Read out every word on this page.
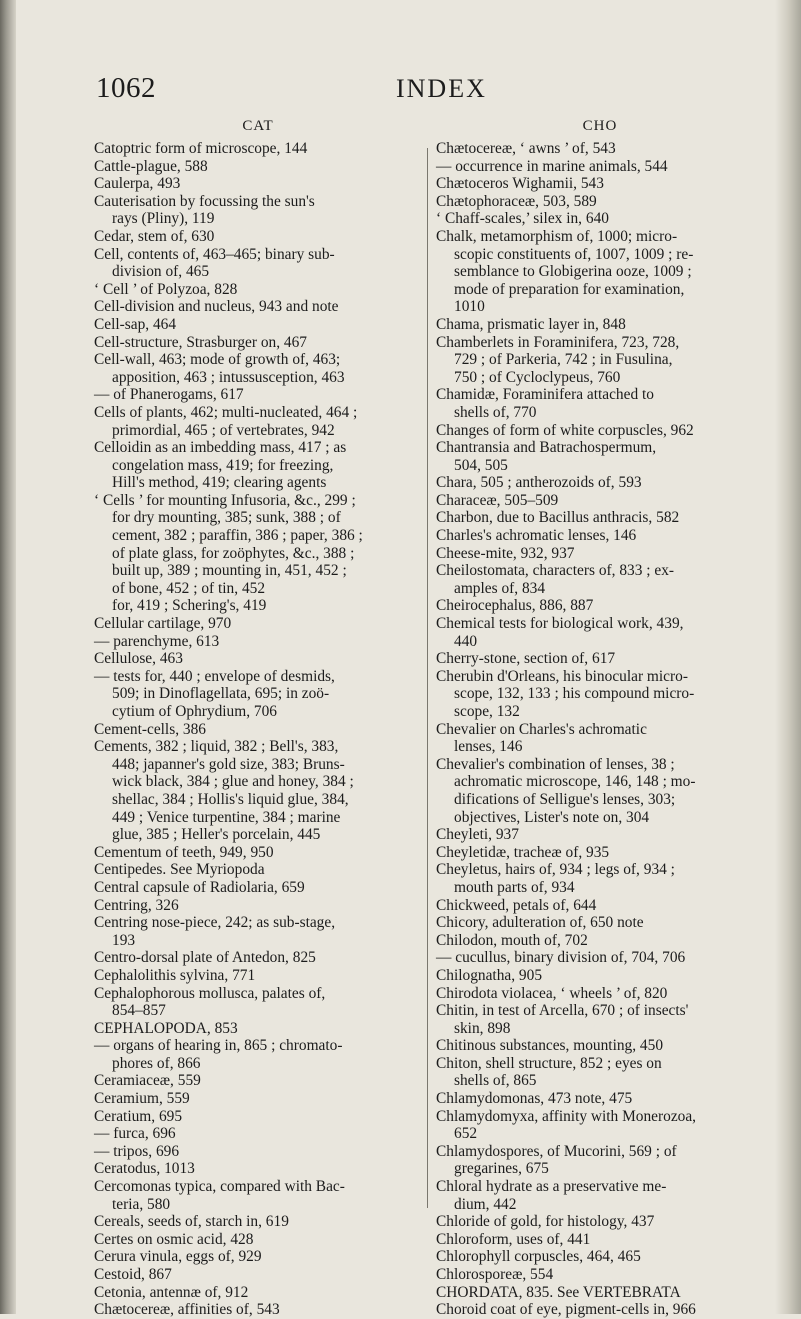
1062	INDEX
CAT

Catoptric form of microscope, 144

Cattle-plague, 588

Caulerpa, 493

Cauterisation by focussing the sun's
rays (Pliny), 119

Cedar, stem of, 630

Cell, contents of, 463–465; binary sub-
division of, 465

‘ Cell ’ of Polyzoa, 828

Cell-division and nucleus, 943 and note

Cell-sap, 464

Cell-structure, Strasburger on, 467

Cell-wall, 463; mode of growth of, 463;
apposition, 463 ; intussusception, 463

— of Phanerogams, 617

Cells of plants, 462; multi-nucleated, 464 ;
primordial, 465 ; of vertebrates, 942

Celloidin as an imbedding mass, 417 ; as
congelation mass, 419; for freezing,
Hill's method, 419; clearing agents

‘ Cells ’ for mounting Infusoria, &c., 299 ;
for dry mounting, 385; sunk, 388 ; of
cement, 382 ; paraffin, 386 ; paper, 386 ;
of plate glass, for zoöphytes, &c., 388 ;
built up, 389 ; mounting in, 451, 452 ;
of bone, 452 ; of tin, 452
for, 419 ; Schering's, 419

Cellular cartilage, 970

— parenchyme, 613

Cellulose, 463

— tests for, 440 ; envelope of desmids,
509; in Dinoflagellata, 695; in zoö-
cytium of Ophrydium, 706

Cement-cells, 386

Cements, 382 ; liquid, 382 ; Bell's, 383,
448; japanner's gold size, 383; Bruns-
wick black, 384 ; glue and honey, 384 ;
shellac, 384 ; Hollis's liquid glue, 384,
449 ; Venice turpentine, 384 ; marine
glue, 385 ; Heller's porcelain, 445

Cementum of teeth, 949, 950

Centipedes. See Myriopoda

Central capsule of Radiolaria, 659

Centring, 326

Centring nose-piece, 242; as sub-stage,
193

Centro-dorsal plate of Antedon, 825

Cephalolithis sylvina, 771

Cephalophorous mollusca, palates of,
854–857

CEPHALOPODA, 853

— organs of hearing in, 865 ; chromato-
phores of, 866

Ceramiaceæ, 559

Ceramium, 559

Ceratium, 695

— furca, 696

— tripos, 696

Ceratodus, 1013

Cercomonas typica, compared with Bac-
teria, 580

Cereals, seeds of, starch in, 619

Certes on osmic acid, 428

Cerura vinula, eggs of, 929

Cestoid, 867

Cetonia, antennæ of, 912

Chætocereæ, affinities of, 543

CHO

Chætocereæ, ‘ awns ’ of, 543

— occurrence in marine animals, 544

Chætoceros Wighamii, 543

Chætophoraceæ, 503, 589

‘ Chaff-scales,’ silex in, 640

Chalk, metamorphism of, 1000; micro-
scopic constituents of, 1007, 1009 ; re-
semblance to Globigerina ooze, 1009 ;
mode of preparation for examination,
1010

Chama, prismatic layer in, 848

Chamberlets in Foraminifera, 723, 728,
729 ; of Parkeria, 742 ; in Fusulina,
750 ; of Cycloclypeus, 760

Chamidæ, Foraminifera attached to
shells of, 770

Changes of form of white corpuscles, 962

Chantransia and Batrachospermum,
504, 505

Chara, 505 ; antherozoids of, 593

Characeæ, 505–509

Charbon, due to Bacillus anthracis, 582

Charles's achromatic lenses, 146

Cheese-mite, 932, 937

Cheilostomata, characters of, 833 ; ex-
amples of, 834

Cheirocephalus, 886, 887

Chemical tests for biological work, 439,
440

Cherry-stone, section of, 617

Cherubin d'Orleans, his binocular micro-
scope, 132, 133 ; his compound micro-
scope, 132

Chevalier on Charles's achromatic
lenses, 146

Chevalier's combination of lenses, 38 ;
achromatic microscope, 146, 148 ; mo-
difications of Selligue's lenses, 303;
objectives, Lister's note on, 304

Cheyleti, 937

Cheyletidæ, tracheæ of, 935

Cheyletus, hairs of, 934 ; legs of, 934 ;
mouth parts of, 934

Chickweed, petals of, 644

Chicory, adulteration of, 650 note

Chilodon, mouth of, 702

— cucullus, binary division of, 704, 706

Chilognatha, 905

Chirodota violacea, ‘ wheels ’ of, 820

Chitin, in test of Arcella, 670 ; of insects'
skin, 898

Chitinous substances, mounting, 450

Chiton, shell structure, 852 ; eyes on
shells of, 865

Chlamydomonas, 473 note, 475

Chlamydomyxa, affinity with Monerozoa,
652

Chlamydospores, of Mucorini, 569 ; of
gregarines, 675

Chloral hydrate as a preservative me-
dium, 442

Chloride of gold, for histology, 437

Chloroform, uses of, 441

Chlorophyll corpuscles, 464, 465

Chlorosporeæ, 554

CHORDATA, 835. See VERTEBRATA

Choroid coat of eye, pigment-cells in, 966
